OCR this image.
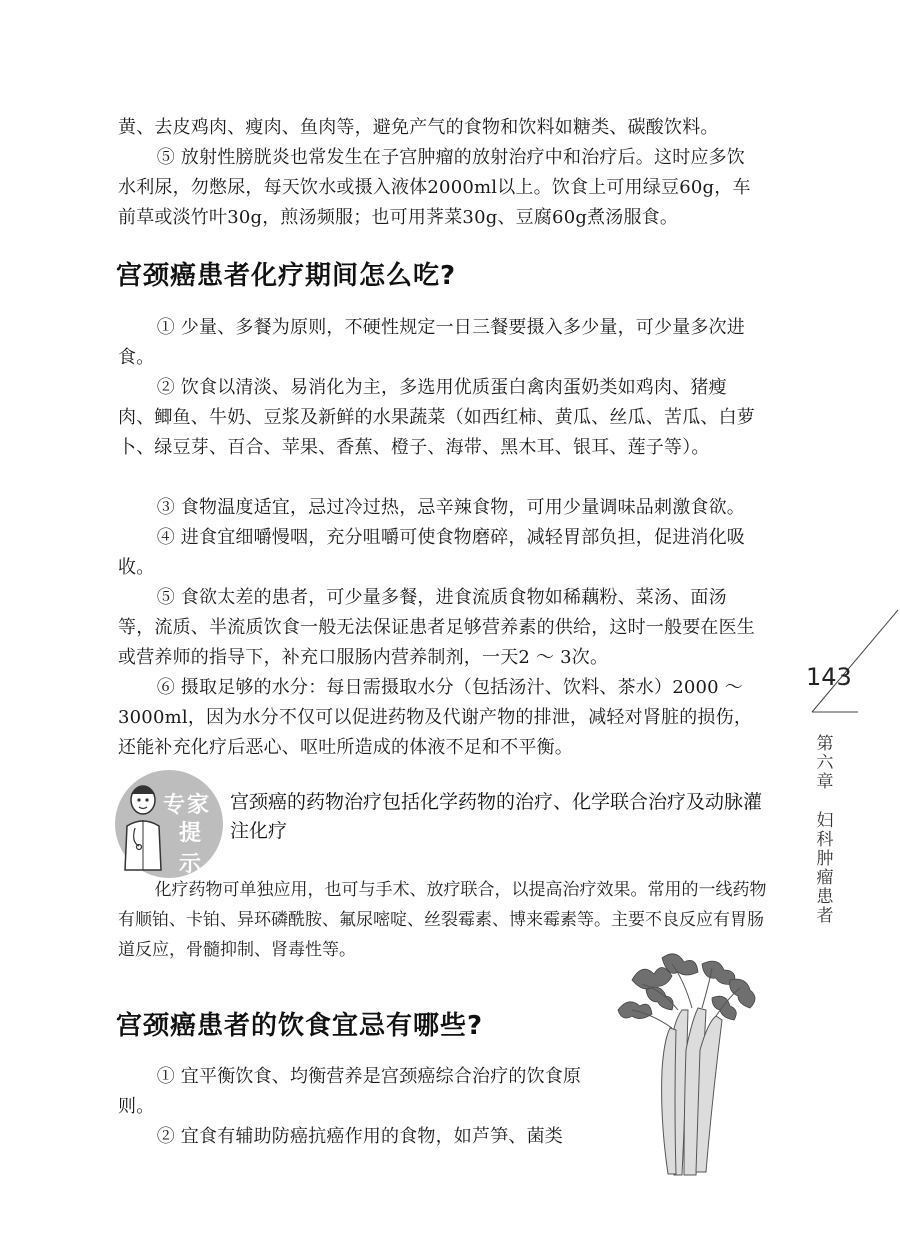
黄、去皮鸡肉、瘦肉、鱼肉等，避免产气的食物和饮料如糖类、碳酸饮料。
⑤ 放射性膀胱炎也常发生在子宫肿瘤的放射治疗中和治疗后。这时应多饮水利尿，勿憋尿，每天饮水或摄入液体2000ml以上。饮食上可用绿豆60g，车前草或淡竹叶30g，煎汤频服；也可用荠菜30g、豆腐60g煮汤服食。
宫颈癌患者化疗期间怎么吃?
① 少量、多餐为原则，不硬性规定一日三餐要摄入多少量，可少量多次进食。
② 饮食以清淡、易消化为主，多选用优质蛋白禽肉蛋奶类如鸡肉、猪瘦肉、鲫鱼、牛奶、豆浆及新鲜的水果蔬菜（如西红柿、黄瓜、丝瓜、苦瓜、白萝卜、绿豆芽、百合、苹果、香蕉、橙子、海带、黑木耳、银耳、莲子等）。
③ 食物温度适宜，忌过冷过热，忌辛辣食物，可用少量调味品刺激食欲。
④ 进食宜细嚼慢咽，充分咀嚼可使食物磨碎，减轻胃部负担，促进消化吸收。
⑤ 食欲太差的患者，可少量多餐，进食流质食物如稀藕粉、菜汤、面汤等，流质、半流质饮食一般无法保证患者足够营养素的供给，这时一般要在医生或营养师的指导下，补充口服肠内营养制剂，一天2 ～ 3次。
⑥ 摄取足够的水分：每日需摄取水分（包括汤汁、饮料、茶水）2000 ～ 3000ml，因为水分不仅可以促进药物及代谢产物的排泄，减轻对肾脏的损伤，还能补充化疗后恶心、呕吐所造成的体液不足和不平衡。
143
第
六
章
妇
科
肿
瘤
患
者
专家
提示
宫颈癌的药物治疗包括化学药物的治疗、化学联合治疗及动脉灌注化疗
化疗药物可单独应用，也可与手术、放疗联合，以提高治疗效果。常用的一线药物有顺铂、卡铂、异环磷酰胺、氟尿嘧啶、丝裂霉素、博来霉素等。主要不良反应有胃肠道反应，骨髓抑制、肾毒性等。
宫颈癌患者的饮食宜忌有哪些?
① 宜平衡饮食、均衡营养是宫颈癌综合治疗的饮食原则。
② 宜食有辅助防癌抗癌作用的食物，如芦笋、菌类
